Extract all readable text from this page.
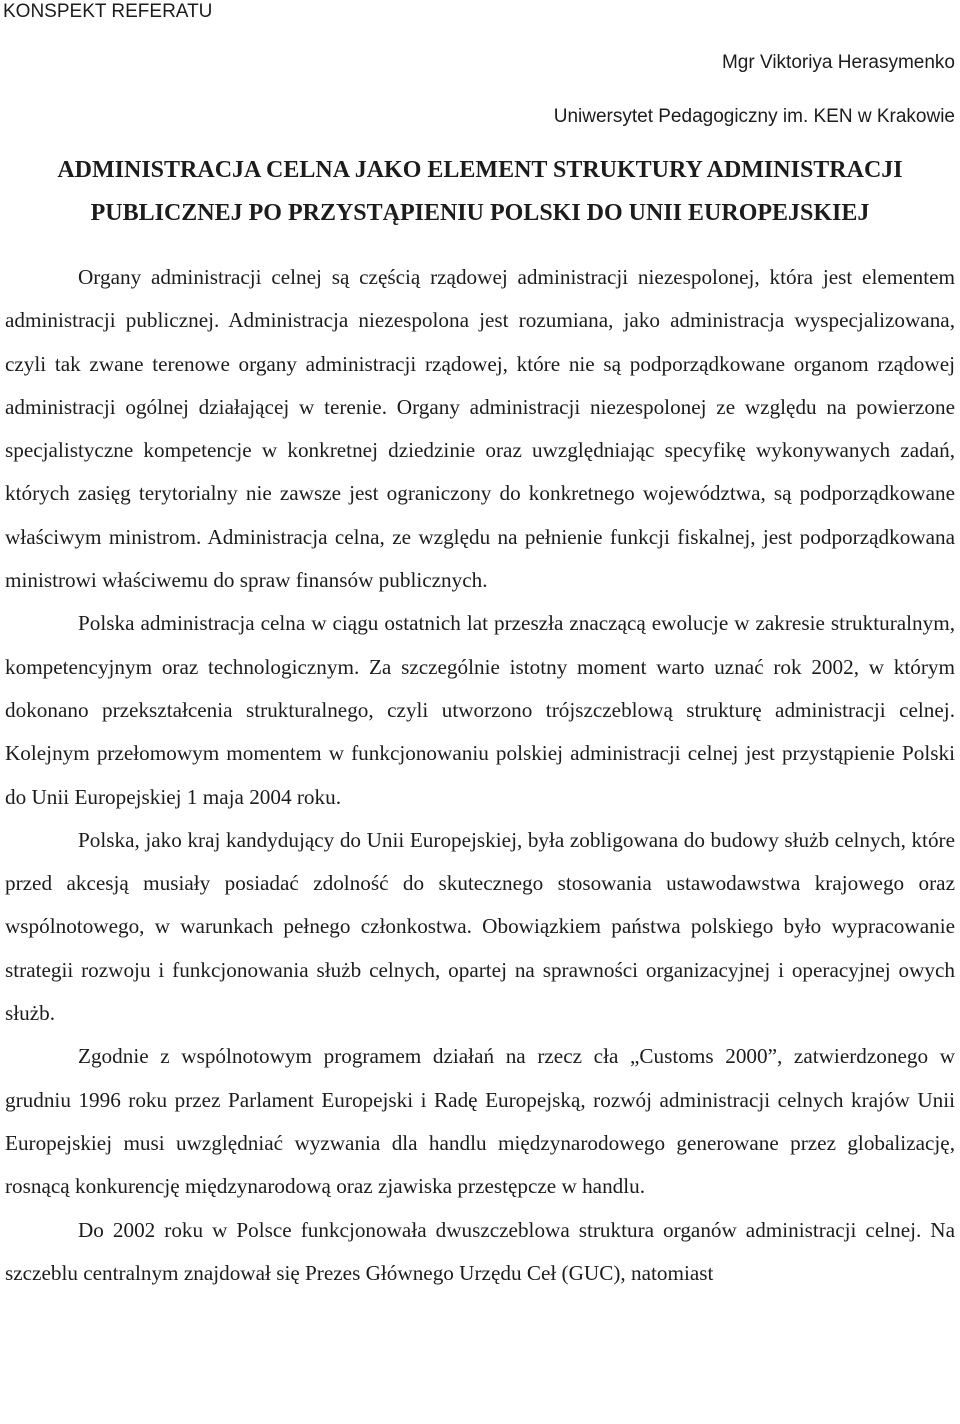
KONSPEKT REFERATU
Mgr Viktoriya Herasymenko
Uniwersytet Pedagogiczny im. KEN w Krakowie
ADMINISTRACJA CELNA JAKO ELEMENT STRUKTURY ADMINISTRACJI
PUBLICZNEJ PO PRZYSTĄPIENIU POLSKI DO UNII EUROPEJSKIEJ

Organy administracji celnej są częścią rządowej administracji niezespolonej, która jest elementem administracji publicznej. Administracja niezespolona jest rozumiana, jako administracja wyspecjalizowana, czyli tak zwane terenowe organy administracji rządowej, które nie są podporządkowane organom rządowej administracji ogólnej działającej w terenie. Organy administracji niezespolonej ze względu na powierzone specjalistyczne kompetencje w konkretnej dziedzinie oraz uwzględniając specyfikę wykonywanych zadań, których zasięg terytorialny nie zawsze jest ograniczony do konkretnego województwa, są podporządkowane właściwym ministrom. Administracja celna, ze względu na pełnienie funkcji fiskalnej, jest podporządkowana ministrowi właściwemu do spraw finansów publicznych.

Polska administracja celna w ciągu ostatnich lat przeszła znaczącą ewolucje w zakresie strukturalnym, kompetencyjnym oraz technologicznym. Za szczególnie istotny moment warto uznać rok 2002, w którym dokonano przekształcenia strukturalnego, czyli utworzono trójszczeblową strukturę administracji celnej. Kolejnym przełomowym momentem w funkcjonowaniu polskiej administracji celnej jest przystąpienie Polski do Unii Europejskiej 1 maja 2004 roku.

Polska, jako kraj kandydujący do Unii Europejskiej, była zobligowana do budowy służb celnych, które przed akcesją musiały posiadać zdolność do skutecznego stosowania ustawodawstwa krajowego oraz wspólnotowego, w warunkach pełnego członkostwa. Obowiązkiem państwa polskiego było wypracowanie strategii rozwoju i funkcjonowania służb celnych, opartej na sprawności organizacyjnej i operacyjnej owych służb.

Zgodnie z wspólnotowym programem działań na rzecz cła „Customs 2000”, zatwierdzonego w grudniu 1996 roku przez Parlament Europejski i Radę Europejską, rozwój administracji celnych krajów Unii Europejskiej musi uwzględniać wyzwania dla handlu międzynarodowego generowane przez globalizację, rosnącą konkurencję międzynarodową oraz zjawiska przestępcze w handlu.

Do 2002 roku w Polsce funkcjonowała dwuszczeblowa struktura organów administracji celnej. Na szczeblu centralnym znajdował się Prezes Głównego Urzędu Ceł (GUC), natomiast
